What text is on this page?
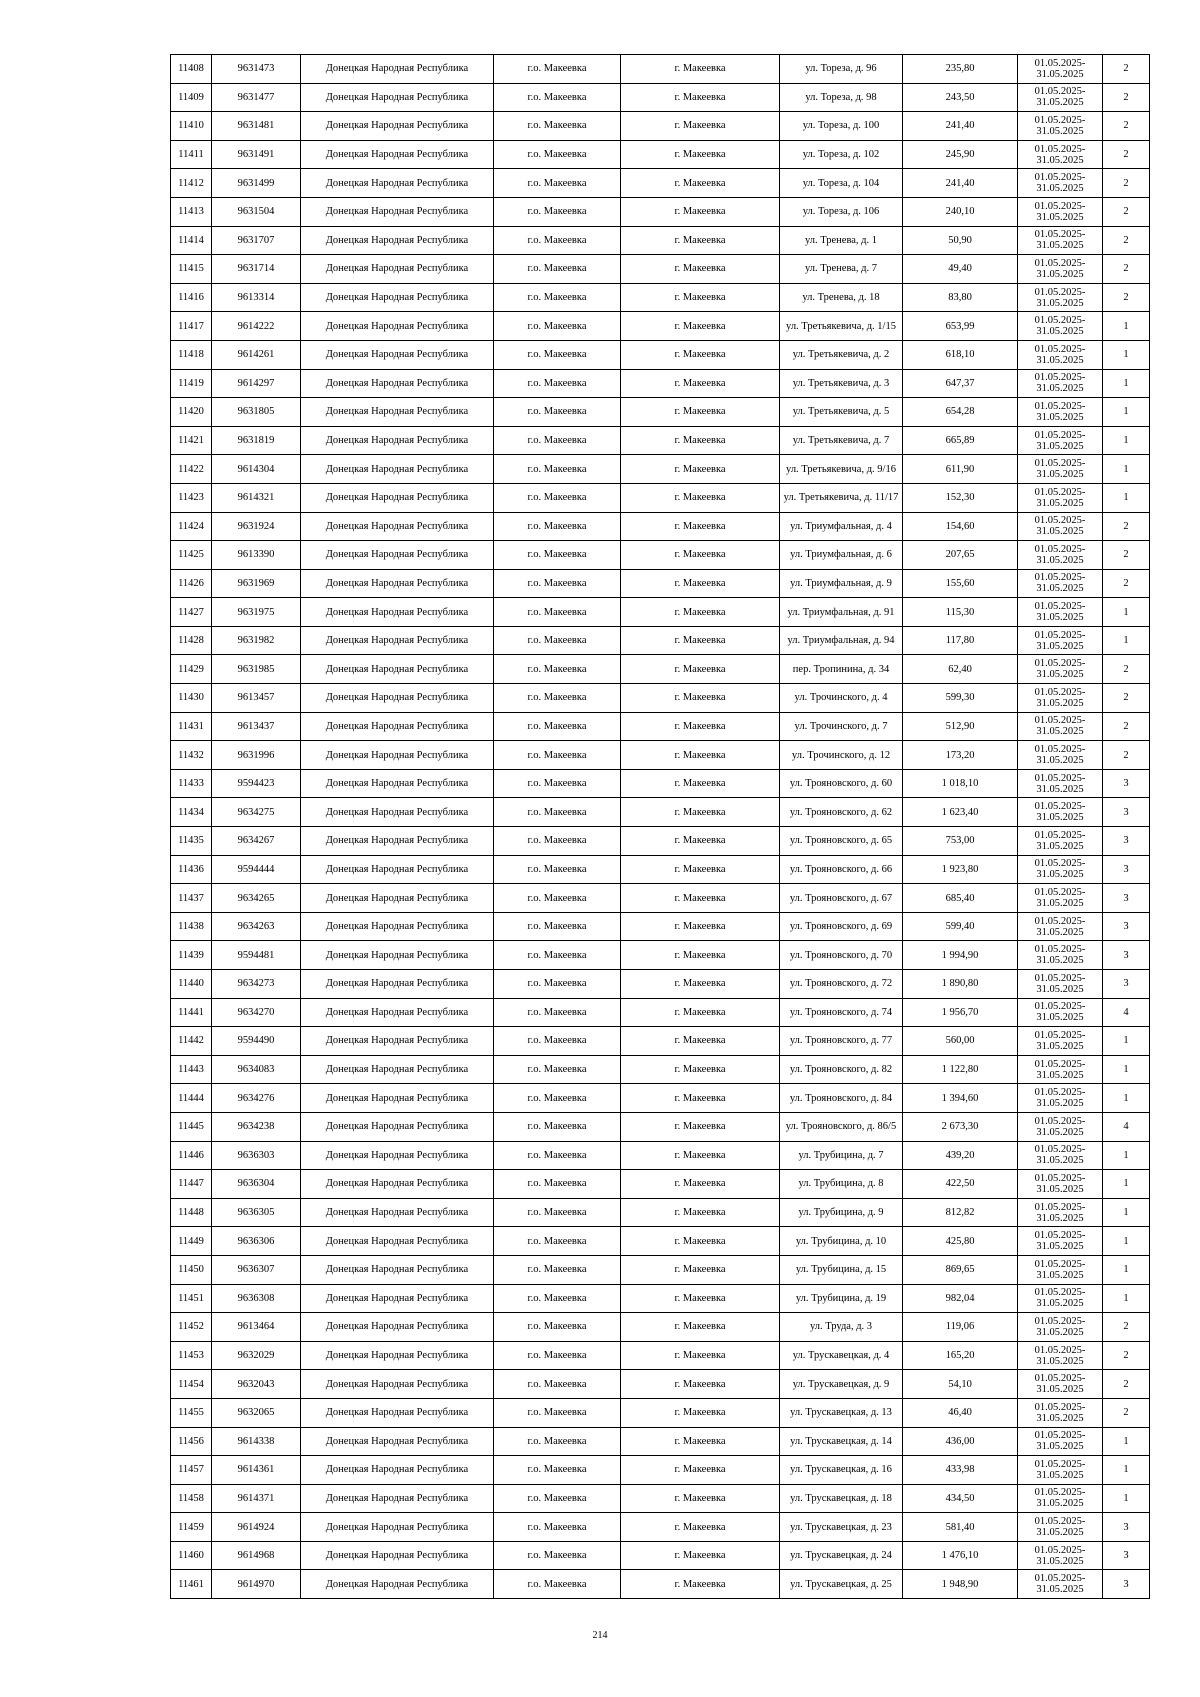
11408	9631473	Донецкая Народная Республика	г.о. Макеевка	г. Макеевка	ул. Тореза, д. 96	235,80	01.05.2025-
31.05.2025	2
11409	9631477	Донецкая Народная Республика	г.о. Макеевка	г. Макеевка	ул. Тореза, д. 98	243,50	01.05.2025-
31.05.2025	2
11410	9631481	Донецкая Народная Республика	г.о. Макеевка	г. Макеевка	ул. Тореза, д. 100	241,40	01.05.2025-
31.05.2025	2
11411	9631491	Донецкая Народная Республика	г.о. Макеевка	г. Макеевка	ул. Тореза, д. 102	245,90	01.05.2025-
31.05.2025	2
11412	9631499	Донецкая Народная Республика	г.о. Макеевка	г. Макеевка	ул. Тореза, д. 104	241,40	01.05.2025-
31.05.2025	2
11413	9631504	Донецкая Народная Республика	г.о. Макеевка	г. Макеевка	ул. Тореза, д. 106	240,10	01.05.2025-
31.05.2025	2
11414	9631707	Донецкая Народная Республика	г.о. Макеевка	г. Макеевка	ул. Тренева, д. 1	50,90	01.05.2025-
31.05.2025	2
11415	9631714	Донецкая Народная Республика	г.о. Макеевка	г. Макеевка	ул. Тренева, д. 7	49,40	01.05.2025-
31.05.2025	2
11416	9613314	Донецкая Народная Республика	г.о. Макеевка	г. Макеевка	ул. Тренева, д. 18	83,80	01.05.2025-
31.05.2025	2
11417	9614222	Донецкая Народная Республика	г.о. Макеевка	г. Макеевка	ул. Третьякевича, д. 1/15	653,99	01.05.2025-
31.05.2025	1
11418	9614261	Донецкая Народная Республика	г.о. Макеевка	г. Макеевка	ул. Третьякевича, д. 2	618,10	01.05.2025-
31.05.2025	1
11419	9614297	Донецкая Народная Республика	г.о. Макеевка	г. Макеевка	ул. Третьякевича, д. 3	647,37	01.05.2025-
31.05.2025	1
11420	9631805	Донецкая Народная Республика	г.о. Макеевка	г. Макеевка	ул. Третьякевича, д. 5	654,28	01.05.2025-
31.05.2025	1
11421	9631819	Донецкая Народная Республика	г.о. Макеевка	г. Макеевка	ул. Третьякевича, д. 7	665,89	01.05.2025-
31.05.2025	1
11422	9614304	Донецкая Народная Республика	г.о. Макеевка	г. Макеевка	ул. Третьякевича, д. 9/16	611,90	01.05.2025-
31.05.2025	1
11423	9614321	Донецкая Народная Республика	г.о. Макеевка	г. Макеевка	ул. Третьякевича, д. 11/17	152,30	01.05.2025-
31.05.2025	1
11424	9631924	Донецкая Народная Республика	г.о. Макеевка	г. Макеевка	ул. Триумфальная, д. 4	154,60	01.05.2025-
31.05.2025	2
11425	9613390	Донецкая Народная Республика	г.о. Макеевка	г. Макеевка	ул. Триумфальная, д. 6	207,65	01.05.2025-
31.05.2025	2
11426	9631969	Донецкая Народная Республика	г.о. Макеевка	г. Макеевка	ул. Триумфальная, д. 9	155,60	01.05.2025-
31.05.2025	2
11427	9631975	Донецкая Народная Республика	г.о. Макеевка	г. Макеевка	ул. Триумфальная, д. 91	115,30	01.05.2025-
31.05.2025	1
11428	9631982	Донецкая Народная Республика	г.о. Макеевка	г. Макеевка	ул. Триумфальная, д. 94	117,80	01.05.2025-
31.05.2025	1
11429	9631985	Донецкая Народная Республика	г.о. Макеевка	г. Макеевка	пер. Тропинина, д. 34	62,40	01.05.2025-
31.05.2025	2
11430	9613457	Донецкая Народная Республика	г.о. Макеевка	г. Макеевка	ул. Трочинского, д. 4	599,30	01.05.2025-
31.05.2025	2
11431	9613437	Донецкая Народная Республика	г.о. Макеевка	г. Макеевка	ул. Трочинского, д. 7	512,90	01.05.2025-
31.05.2025	2
11432	9631996	Донецкая Народная Республика	г.о. Макеевка	г. Макеевка	ул. Трочинского, д. 12	173,20	01.05.2025-
31.05.2025	2
11433	9594423	Донецкая Народная Республика	г.о. Макеевка	г. Макеевка	ул. Трояновского, д. 60	1 018,10	01.05.2025-
31.05.2025	3
11434	9634275	Донецкая Народная Республика	г.о. Макеевка	г. Макеевка	ул. Трояновского, д. 62	1 623,40	01.05.2025-
31.05.2025	3
11435	9634267	Донецкая Народная Республика	г.о. Макеевка	г. Макеевка	ул. Трояновского, д. 65	753,00	01.05.2025-
31.05.2025	3
11436	9594444	Донецкая Народная Республика	г.о. Макеевка	г. Макеевка	ул. Трояновского, д. 66	1 923,80	01.05.2025-
31.05.2025	3
11437	9634265	Донецкая Народная Республика	г.о. Макеевка	г. Макеевка	ул. Трояновского, д. 67	685,40	01.05.2025-
31.05.2025	3
11438	9634263	Донецкая Народная Республика	г.о. Макеевка	г. Макеевка	ул. Трояновского, д. 69	599,40	01.05.2025-
31.05.2025	3
11439	9594481	Донецкая Народная Республика	г.о. Макеевка	г. Макеевка	ул. Трояновского, д. 70	1 994,90	01.05.2025-
31.05.2025	3
11440	9634273	Донецкая Народная Республика	г.о. Макеевка	г. Макеевка	ул. Трояновского, д. 72	1 890,80	01.05.2025-
31.05.2025	3
11441	9634270	Донецкая Народная Республика	г.о. Макеевка	г. Макеевка	ул. Трояновского, д. 74	1 956,70	01.05.2025-
31.05.2025	4
11442	9594490	Донецкая Народная Республика	г.о. Макеевка	г. Макеевка	ул. Трояновского, д. 77	560,00	01.05.2025-
31.05.2025	1
11443	9634083	Донецкая Народная Республика	г.о. Макеевка	г. Макеевка	ул. Трояновского, д. 82	1 122,80	01.05.2025-
31.05.2025	1
11444	9634276	Донецкая Народная Республика	г.о. Макеевка	г. Макеевка	ул. Трояновского, д. 84	1 394,60	01.05.2025-
31.05.2025	1
11445	9634238	Донецкая Народная Республика	г.о. Макеевка	г. Макеевка	ул. Трояновского, д. 86/5	2 673,30	01.05.2025-
31.05.2025	4
11446	9636303	Донецкая Народная Республика	г.о. Макеевка	г. Макеевка	ул. Трубицина, д. 7	439,20	01.05.2025-
31.05.2025	1
11447	9636304	Донецкая Народная Республика	г.о. Макеевка	г. Макеевка	ул. Трубицина, д. 8	422,50	01.05.2025-
31.05.2025	1
11448	9636305	Донецкая Народная Республика	г.о. Макеевка	г. Макеевка	ул. Трубицина, д. 9	812,82	01.05.2025-
31.05.2025	1
11449	9636306	Донецкая Народная Республика	г.о. Макеевка	г. Макеевка	ул. Трубицина, д. 10	425,80	01.05.2025-
31.05.2025	1
11450	9636307	Донецкая Народная Республика	г.о. Макеевка	г. Макеевка	ул. Трубицина, д. 15	869,65	01.05.2025-
31.05.2025	1
11451	9636308	Донецкая Народная Республика	г.о. Макеевка	г. Макеевка	ул. Трубицина, д. 19	982,04	01.05.2025-
31.05.2025	1
11452	9613464	Донецкая Народная Республика	г.о. Макеевка	г. Макеевка	ул. Труда, д. 3	119,06	01.05.2025-
31.05.2025	2
11453	9632029	Донецкая Народная Республика	г.о. Макеевка	г. Макеевка	ул. Трускавецкая, д. 4	165,20	01.05.2025-
31.05.2025	2
11454	9632043	Донецкая Народная Республика	г.о. Макеевка	г. Макеевка	ул. Трускавецкая, д. 9	54,10	01.05.2025-
31.05.2025	2
11455	9632065	Донецкая Народная Республика	г.о. Макеевка	г. Макеевка	ул. Трускавецкая, д. 13	46,40	01.05.2025-
31.05.2025	2
11456	9614338	Донецкая Народная Республика	г.о. Макеевка	г. Макеевка	ул. Трускавецкая, д. 14	436,00	01.05.2025-
31.05.2025	1
11457	9614361	Донецкая Народная Республика	г.о. Макеевка	г. Макеевка	ул. Трускавецкая, д. 16	433,98	01.05.2025-
31.05.2025	1
11458	9614371	Донецкая Народная Республика	г.о. Макеевка	г. Макеевка	ул. Трускавецкая, д. 18	434,50	01.05.2025-
31.05.2025	1
11459	9614924	Донецкая Народная Республика	г.о. Макеевка	г. Макеевка	ул. Трускавецкая, д. 23	581,40	01.05.2025-
31.05.2025	3
11460	9614968	Донецкая Народная Республика	г.о. Макеевка	г. Макеевка	ул. Трускавецкая, д. 24	1 476,10	01.05.2025-
31.05.2025	3
11461	9614970	Донецкая Народная Республика	г.о. Макеевка	г. Макеевка	ул. Трускавецкая, д. 25	1 948,90	01.05.2025-
31.05.2025	3
214
